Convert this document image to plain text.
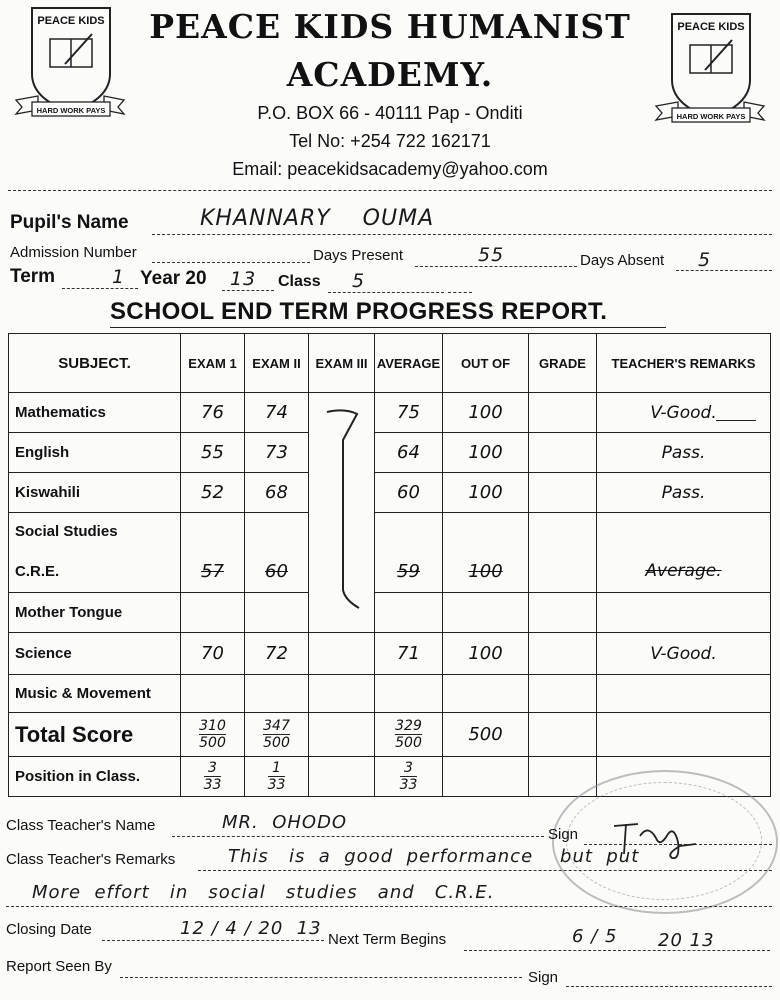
PEACE KIDS
HARD WORK PAYS
PEACE KIDS
HARD WORK PAYS
PEACE KIDS HUMANIST
ACADEMY.
P.O. BOX 66 - 40111 Pap - Onditi
Tel No: +254 722 162171
Email: peacekidsacademy@yahoo.com
Pupil's Name	KHANNARY    OUMA
Admission Number	Days Present	55	Days Absent 5
Term	1 Year 20 13 Class 5
SCHOOL END TERM PROGRESS REPORT.
SUBJECT.	EXAM 1	EXAM II	EXAM III	AVERAGE	OUT OF	GRADE	TEACHER'S REMARKS
Mathematics	76	74		75	100		V-Good.
English	55	73		64	100		Pass.
Kiswahili	52	68		60	100		Pass.
Social Studies							
C.R.E.	57	60		59	100		Average.
Mother Tongue							
Science	70	72		71	100		V-Good.
Music & Movement							
Total Score	$\frac{310}{500}$	$\frac{347}{500}$		$\frac{329}{500}$	500		
Position in Class.	$\frac{3}{33}$	$\frac{1}{33}$		$\frac{3}{33}$

Class Teacher's Name	MR.  OHODO
Sign
Class Teacher's Remarks	This   is  a  good  performance    but  put
More  effort   in   social   studies   and   C.R.E.
Closing Date	12 / 4 / 20  13
Next Term Begins	6 / 5 20 13
Report Seen By
Sign
